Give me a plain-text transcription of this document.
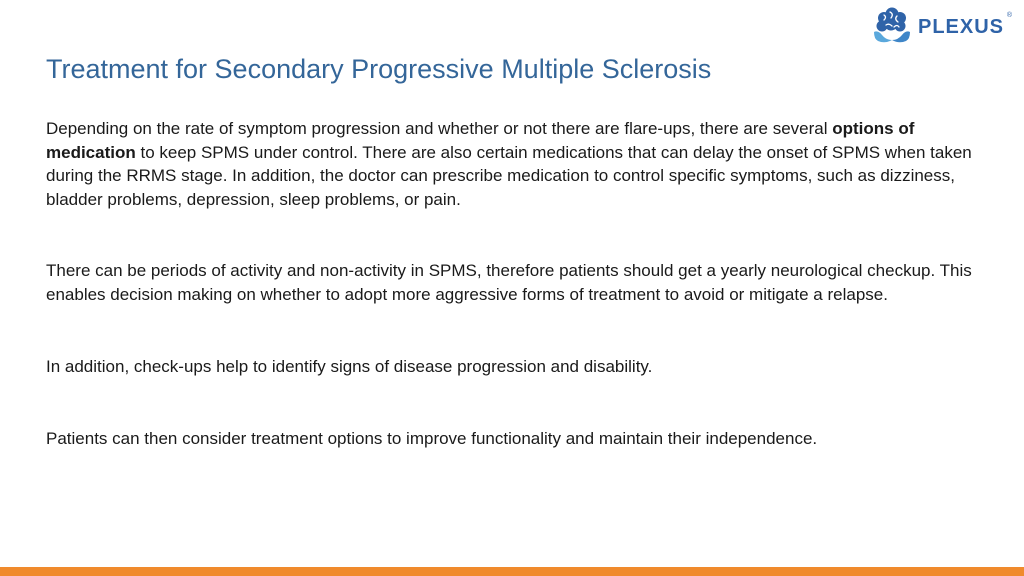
PLEXUS
®
Treatment for Secondary Progressive Multiple Sclerosis

Depending on the rate of symptom progression and whether or not there are flare-ups, there are several options of medication to keep SPMS under control. There are also certain medications that can delay the onset of SPMS when taken during the RRMS stage. In addition, the doctor can prescribe medication to control specific symptoms, such as dizziness, bladder problems, depression, sleep problems, or pain.

There can be periods of activity and non-activity in SPMS, therefore patients should get a yearly neurological checkup. This enables decision making on whether to adopt more aggressive forms of treatment to avoid or mitigate a relapse.

In addition, check-ups help to identify signs of disease progression and disability.

Patients can then consider treatment options to improve functionality and maintain their independence.
